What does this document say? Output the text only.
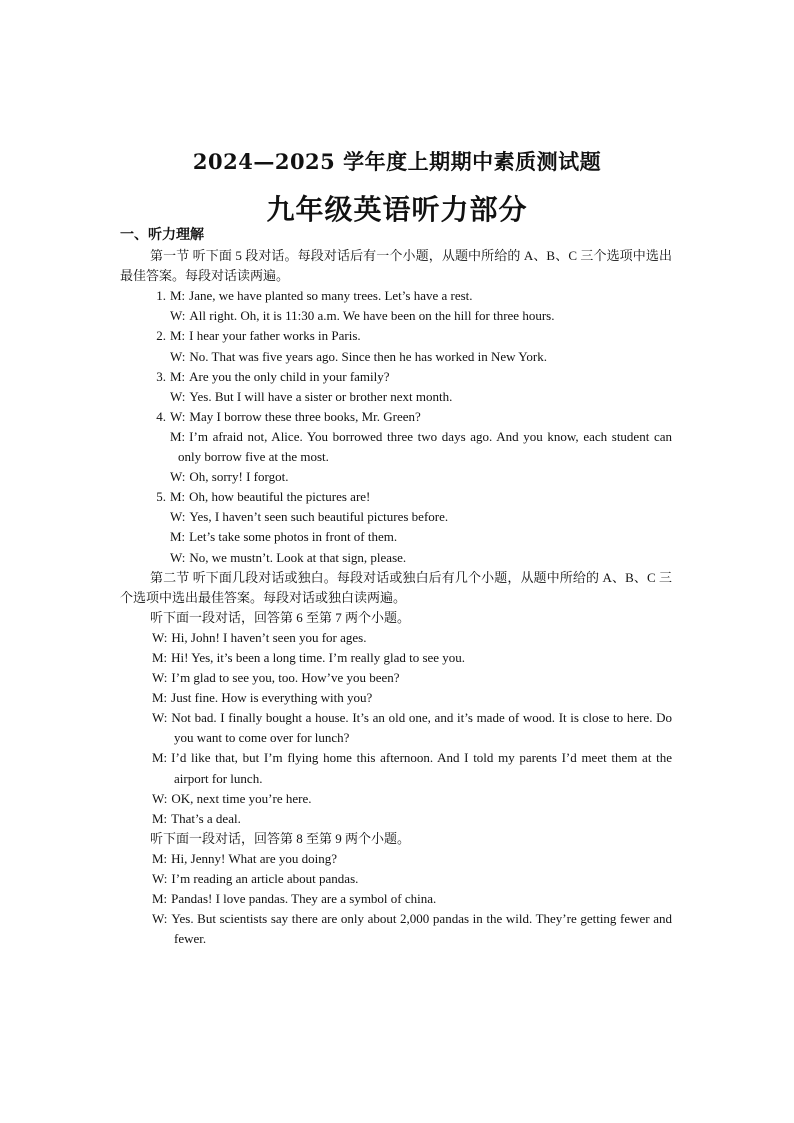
2024—2025 学年度上期期中素质测试题
九年级英语听力部分
一、听力理解
第一节 听下面 5 段对话。每段对话后有一个小题，从题中所给的 A、B、C 三个选项中选出最佳答案。每段对话读两遍。
1. M: Jane, we have planted so many trees. Let’s have a rest.
W: All right. Oh, it is 11:30 a.m. We have been on the hill for three hours.
2. M: I hear your father works in Paris.
W: No. That was five years ago. Since then he has worked in New York.
3. M: Are you the only child in your family?
W: Yes. But I will have a sister or brother next month.
4. W: May I borrow these three books, Mr. Green?
M: I’m afraid not, Alice. You borrowed three two days ago. And you know, each student can only borrow five at the most.
W: Oh, sorry! I forgot.
5. M: Oh, how beautiful the pictures are!
W: Yes, I haven’t seen such beautiful pictures before.
M: Let’s take some photos in front of them.
W: No, we mustn’t. Look at that sign, please.
第二节 听下面几段对话或独白。每段对话或独白后有几个小题，从题中所给的 A、B、C 三个选项中选出最佳答案。每段对话或独白读两遍。
听下面一段对话，回答第 6 至第 7 两个小题。
W: Hi, John! I haven’t seen you for ages.
M: Hi! Yes, it’s been a long time. I’m really glad to see you.
W: I’m glad to see you, too. How’ve you been?
M: Just fine. How is everything with you?
W: Not bad. I finally bought a house. It’s an old one, and it’s made of wood. It is close to here. Do you want to come over for lunch?
M: I’d like that, but I’m flying home this afternoon. And I told my parents I’d meet them at the airport for lunch.
W: OK, next time you’re here.
M: That’s a deal.
听下面一段对话，回答第 8 至第 9 两个小题。
M: Hi, Jenny! What are you doing?
W: I’m reading an article about pandas.
M: Pandas! I love pandas. They are a symbol of china.
W: Yes. But scientists say there are only about 2,000 pandas in the wild. They’re getting fewer and fewer.
